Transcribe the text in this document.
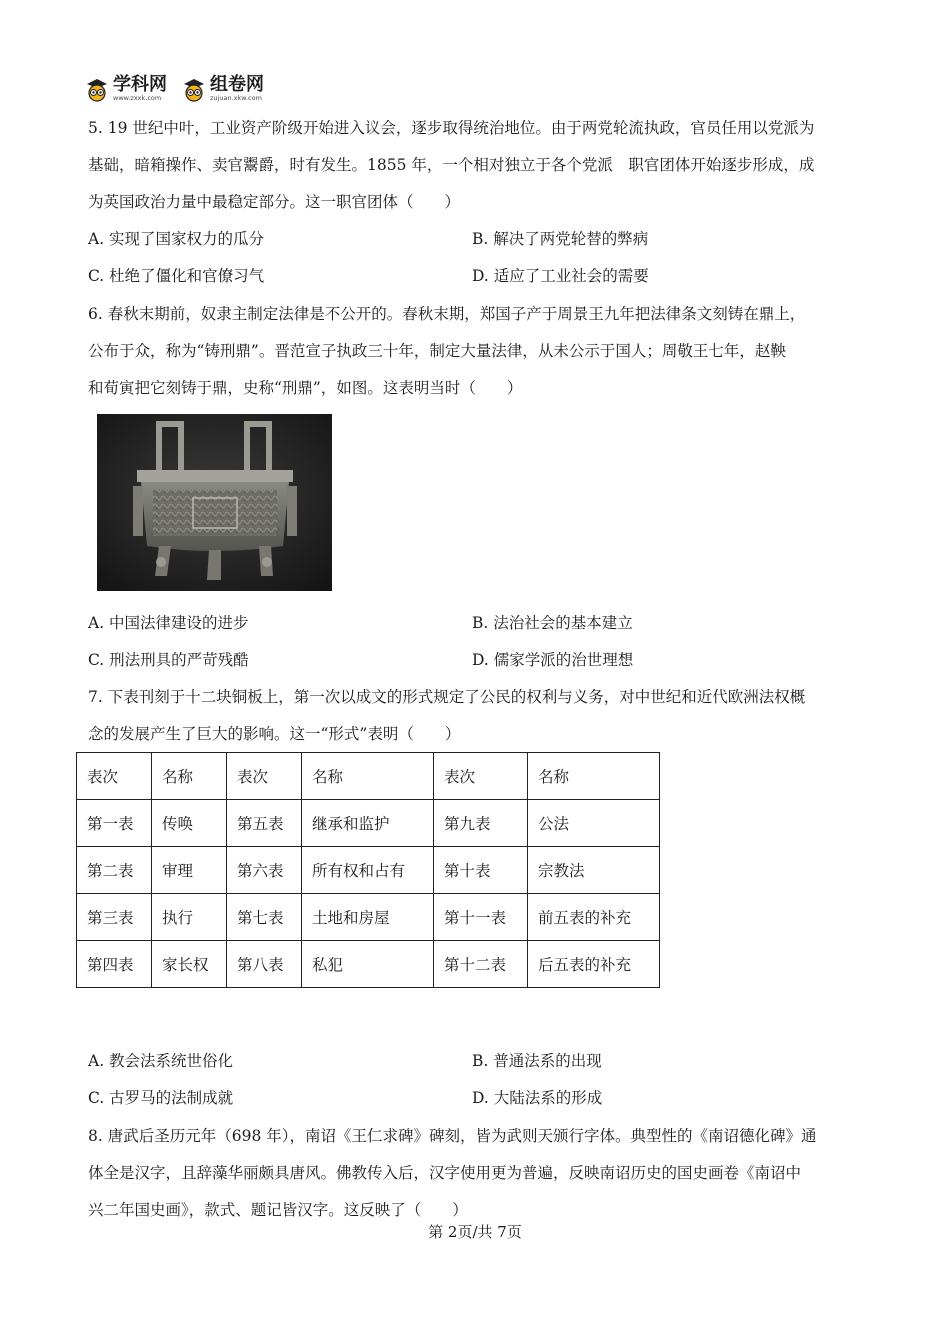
学科网
www.zxxk.com
组卷网
zujuan.xkw.com
5. 19 世纪中叶，工业资产阶级开始进入议会，逐步取得统治地位。由于两党轮流执政，官员任用以党派为
基础，暗箱操作、卖官鬻爵，时有发生。1855 年，一个相对独立于各个党派　职官团体开始逐步形成，成
为英国政治力量中最稳定部分。这一职官团体（　　）
A. 实现了国家权力的瓜分	B. 解决了两党轮替的弊病
C. 杜绝了僵化和官僚习气	D. 适应了工业社会的需要
6. 春秋末期前，奴隶主制定法律是不公开的。春秋末期，郑国子产于周景王九年把法律条文刻铸在鼎上，
公布于众，称为“铸刑鼎”。晋范宣子执政三十年，制定大量法律，从未公示于国人；周敬王七年，赵鞅
和荀寅把它刻铸于鼎，史称“刑鼎”，如图。这表明当时（　　）
A. 中国法律建设的进步	B. 法治社会的基本建立
C. 刑法刑具的严苛残酷	D. 儒家学派的治世理想
7. 下表刊刻于十二块铜板上，第一次以成文的形式规定了公民的权利与义务，对中世纪和近代欧洲法权概
念的发展产生了巨大的影响。这一“形式”表明（　　）
表次	名称	表次	名称	表次	名称
第一表	传唤	第五表	继承和监护	第九表	公法
第二表	审理	第六表	所有权和占有	第十表	宗教法
第三表	执行	第七表	土地和房屋	第十一表	前五表的补充
第四表	家长权	第八表	私犯	第十二表	后五表的补充
A. 教会法系统世俗化	B. 普通法系的出现
C. 古罗马的法制成就	D. 大陆法系的形成
8. 唐武后圣历元年（698 年），南诏《王仁求碑》碑刻，皆为武则天颁行字体。典型性的《南诏德化碑》通
体全是汉字，且辞藻华丽颇具唐风。佛教传入后，汉字使用更为普遍，反映南诏历史的国史画卷《南诏中
兴二年国史画》，款式、题记皆汉字。这反映了（　　）
第 2页/共 7页
